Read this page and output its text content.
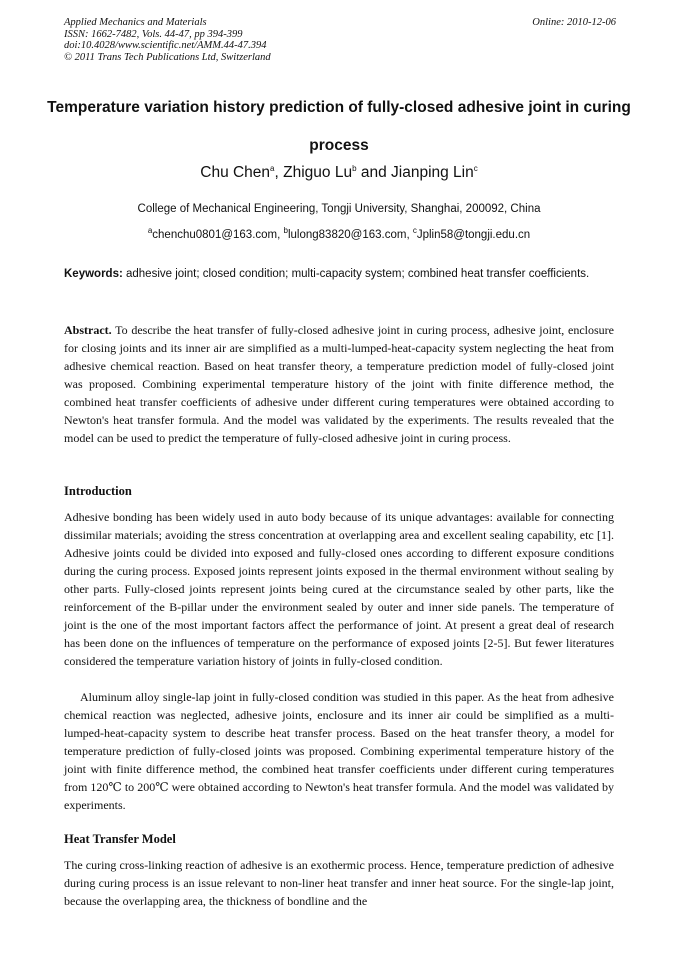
Applied Mechanics and Materials
ISSN: 1662-7482, Vols. 44-47, pp 394-399
doi:10.4028/www.scientific.net/AMM.44-47.394
© 2011 Trans Tech Publications Ltd, Switzerland
Online: 2010-12-06
Temperature variation history prediction of fully-closed adhesive joint in curing process
Chu Chen$^a$, Zhiguo Lu$^b$ and Jianping Lin$^c$
College of Mechanical Engineering, Tongji University, Shanghai, 200092, China
$^a$chenchu0801@163.com, $^b$lulong83820@163.com, $^c$Jplin58@tongji.edu.cn
Keywords: adhesive joint; closed condition; multi-capacity system; combined heat transfer coefficients.
Abstract. To describe the heat transfer of fully-closed adhesive joint in curing process, adhesive joint, enclosure for closing joints and its inner air are simplified as a multi-lumped-heat-capacity system neglecting the heat from adhesive chemical reaction. Based on heat transfer theory, a temperature prediction model of fully-closed joint was proposed. Combining experimental temperature history of the joint with finite difference method, the combined heat transfer coefficients of adhesive under different curing temperatures were obtained according to Newton's heat transfer formula. And the model was validated by the experiments. The results revealed that the model can be used to predict the temperature of fully-closed adhesive joint in curing process.
Introduction
Adhesive bonding has been widely used in auto body because of its unique advantages: available for connecting dissimilar materials; avoiding the stress concentration at overlapping area and excellent sealing capability, etc [1]. Adhesive joints could be divided into exposed and fully-closed ones according to different exposure conditions during the curing process. Exposed joints represent joints exposed in the thermal environment without sealing by other parts. Fully-closed joints represent joints being cured at the circumstance sealed by other parts, like the reinforcement of the B-pillar under the environment sealed by outer and inner side panels. The temperature of joint is the one of the most important factors affect the performance of joint. At present a great deal of research has been done on the influences of temperature on the performance of exposed joints [2-5]. But fewer literatures considered the temperature variation history of joints in fully-closed condition.
Aluminum alloy single-lap joint in fully-closed condition was studied in this paper. As the heat from adhesive chemical reaction was neglected, adhesive joints, enclosure and its inner air could be simplified as a multi-lumped-heat-capacity system to describe heat transfer process. Based on the heat transfer theory, a model for temperature prediction of fully-closed joints was proposed. Combining experimental temperature history of the joint with finite difference method, the combined heat transfer coefficients under different curing temperatures from 120℃ to 200℃ were obtained according to Newton's heat transfer formula. And the model was validated by experiments.
Heat Transfer Model
The curing cross-linking reaction of adhesive is an exothermic process. Hence, temperature prediction of adhesive during curing process is an issue relevant to non-liner heat transfer and inner heat source. For the single-lap joint, because the overlapping area, the thickness of bondline and the
